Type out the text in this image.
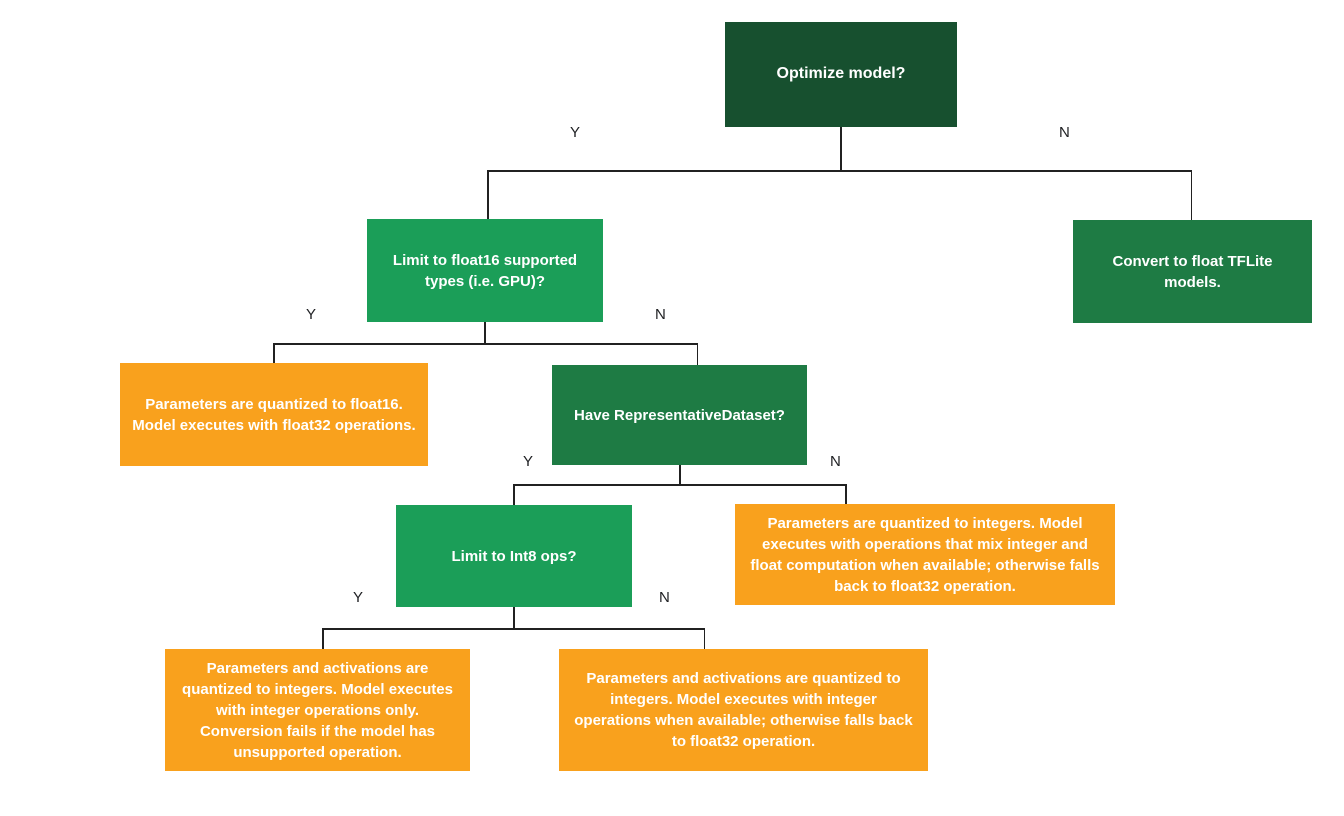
Y	N
Y	N
Y	N
Y	N
Optimize model?
Limit to float16 supported types (i.e. GPU)?
Convert to float TFLite models.
Parameters are quantized to float16. Model executes with float32 operations.
Have RepresentativeDataset?
Parameters are quantized to integers. Model executes with operations that mix integer and float computation when available; otherwise falls back to float32 operation.
Limit to Int8 ops?
Parameters and activations are quantized to integers. Model executes with integer operations only. Conversion fails if the model has unsupported operation.
Parameters and activations are quantized to integers. Model executes with integer operations when available; otherwise falls back to float32 operation.
